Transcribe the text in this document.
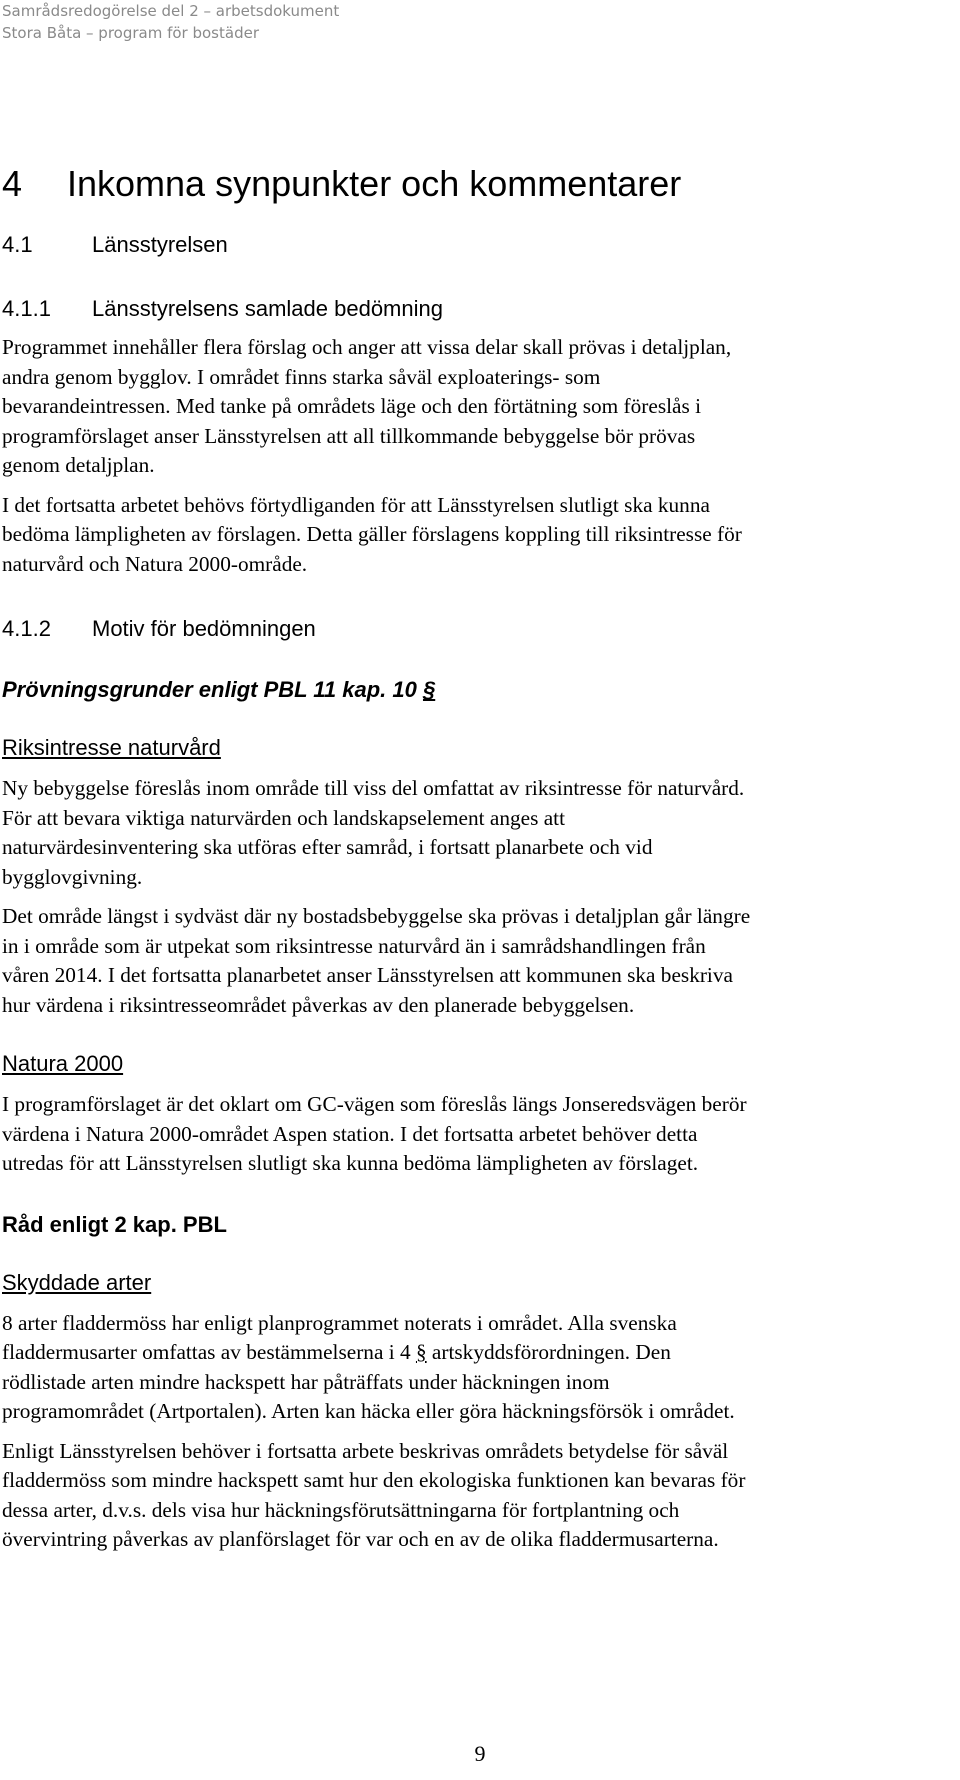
Samrådsredogörelse del 2 – arbetsdokument
Stora Båta – program för bostäder
4 Inkomna synpunkter och kommentarer
4.1	Länsstyrelsen
4.1.1 Länsstyrelsens samlade bedömning
Programmet innehåller flera förslag och anger att vissa delar skall prövas i detaljplan,
andra genom bygglov. I området finns starka såväl exploaterings- som
bevarandeintressen. Med tanke på områdets läge och den förtätning som föreslås i
programförslaget anser Länsstyrelsen att all tillkommande bebyggelse bör prövas
genom detaljplan.
I det fortsatta arbetet behövs förtydliganden för att Länsstyrelsen slutligt ska kunna
bedöma lämpligheten av förslagen. Detta gäller förslagens koppling till riksintresse för
naturvård och Natura 2000-område.
4.1.2 Motiv för bedömningen
Prövningsgrunder enligt PBL 11 kap. 10 §
Riksintresse naturvård
Ny bebyggelse föreslås inom område till viss del omfattat av riksintresse för naturvård.
För att bevara viktiga naturvärden och landskapselement anges att
naturvärdesinventering ska utföras efter samråd, i fortsatt planarbete och vid
bygglovgivning.
Det område längst i sydväst där ny bostadsbebyggelse ska prövas i detaljplan går längre
in i område som är utpekat som riksintresse naturvård än i samrådshandlingen från
våren 2014. I det fortsatta planarbetet anser Länsstyrelsen att kommunen ska beskriva
hur värdena i riksintresseområdet påverkas av den planerade bebyggelsen.
Natura 2000
I programförslaget är det oklart om GC-vägen som föreslås längs Jonseredsvägen berör
värdena i Natura 2000-området Aspen station. I det fortsatta arbetet behöver detta
utredas för att Länsstyrelsen slutligt ska kunna bedöma lämpligheten av förslaget.
Råd enligt 2 kap. PBL
Skyddade arter
8 arter fladdermöss har enligt planprogrammet noterats i området. Alla svenska
fladdermusarter omfattas av bestämmelserna i 4 § artskyddsförordningen. Den
rödlistade arten mindre hackspett har påträffats under häckningen inom
programområdet (Artportalen). Arten kan häcka eller göra häckningsförsök i området.
Enligt Länsstyrelsen behöver i fortsatta arbete beskrivas områdets betydelse för såväl
fladdermöss som mindre hackspett samt hur den ekologiska funktionen kan bevaras för
dessa arter, d.v.s. dels visa hur häckningsförutsättningarna för fortplantning och
övervintring påverkas av planförslaget för var och en av de olika fladdermusarterna.
9
